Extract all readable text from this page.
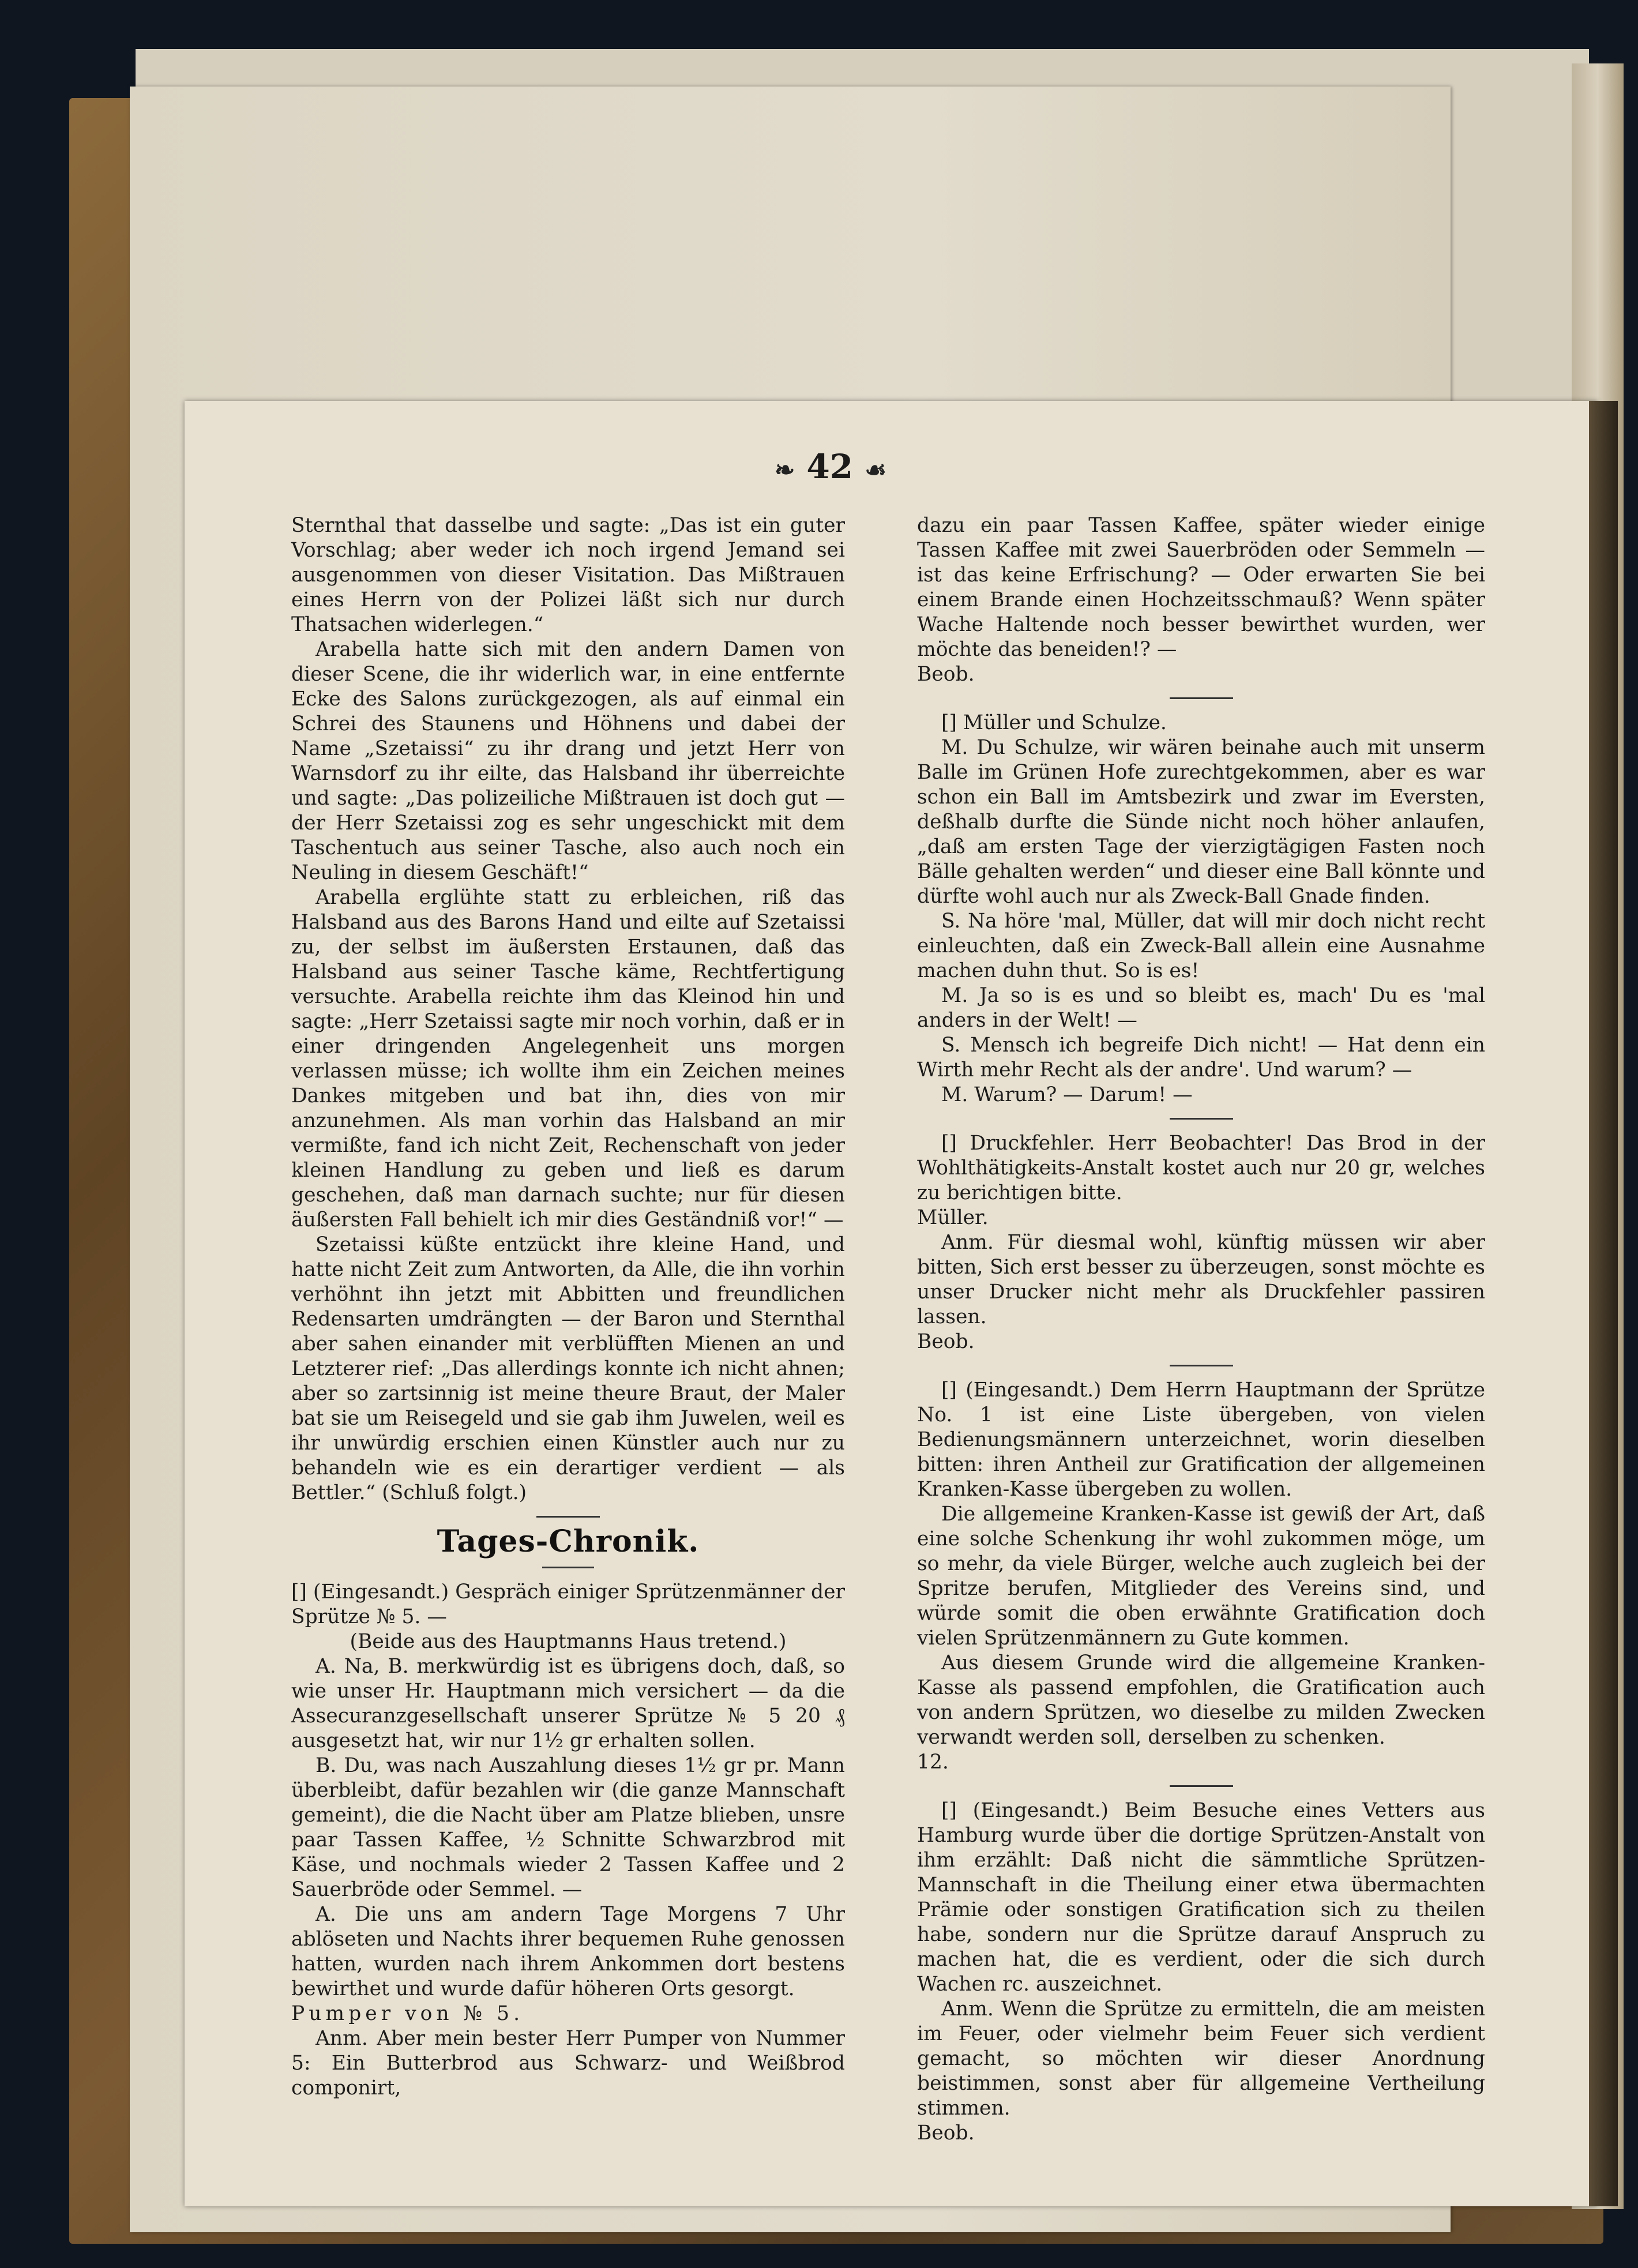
❧ 42 ☙

Sternthal that dasselbe und sagte: „Das ist ein guter Vorschlag; aber weder ich noch irgend Jemand sei ausgenommen von dieser Visitation. Das Mißtrauen eines Herrn von der Polizei läßt sich nur durch Thatsachen widerlegen.“

Arabella hatte sich mit den andern Damen von dieser Scene, die ihr widerlich war, in eine entfernte Ecke des Salons zurückgezogen, als auf einmal ein Schrei des Staunens und Höhnens und dabei der Name „Szetaissi“ zu ihr drang und jetzt Herr von Warnsdorf zu ihr eilte, das Halsband ihr überreichte und sagte: „Das polizeiliche Mißtrauen ist doch gut — der Herr Szetaissi zog es sehr ungeschickt mit dem Taschentuch aus seiner Tasche, also auch noch ein Neuling in diesem Geschäft!“

Arabella erglühte statt zu erbleichen, riß das Halsband aus des Barons Hand und eilte auf Szetaissi zu, der selbst im äußersten Erstaunen, daß das Halsband aus seiner Tasche käme, Rechtfertigung versuchte. Arabella reichte ihm das Kleinod hin und sagte: „Herr Szetaissi sagte mir noch vorhin, daß er in einer dringenden Angelegenheit uns morgen verlassen müsse; ich wollte ihm ein Zeichen meines Dankes mitgeben und bat ihn, dies von mir anzunehmen. Als man vorhin das Halsband an mir vermißte, fand ich nicht Zeit, Rechenschaft von jeder kleinen Handlung zu geben und ließ es darum geschehen, daß man darnach suchte; nur für diesen äußersten Fall behielt ich mir dies Geständniß vor!“ —

Szetaissi küßte entzückt ihre kleine Hand, und hatte nicht Zeit zum Antworten, da Alle, die ihn vorhin verhöhnt ihn jetzt mit Abbitten und freundlichen Redensarten umdrängten — der Baron und Sternthal aber sahen einander mit verblüfften Mienen an und Letzterer rief: „Das allerdings konnte ich nicht ahnen; aber so zartsinnig ist meine theure Braut, der Maler bat sie um Reisegeld und sie gab ihm Juwelen, weil es ihr unwürdig erschien einen Künstler auch nur zu behandeln wie es ein derartiger verdient — als Bettler.“ (Schluß folgt.)

Tages-Chronik.

[] (Eingesandt.) Gespräch einiger Sprützenmänner der Sprütze № 5. —

(Beide aus des Hauptmanns Haus tretend.)

A. Na, B. merkwürdig ist es übrigens doch, daß, so wie unser Hr. Hauptmann mich versichert — da die Assecuranzgesellschaft unserer Sprütze № 5 20 ₰ ausgesetzt hat, wir nur 1½ gr erhalten sollen.

B. Du, was nach Auszahlung dieses 1½ gr pr. Mann überbleibt, dafür bezahlen wir (die ganze Mannschaft gemeint), die die Nacht über am Platze blieben, unsre paar Tassen Kaffee, ½ Schnitte Schwarzbrod mit Käse, und nochmals wieder 2 Tassen Kaffee und 2 Sauerbröde oder Semmel. —

A. Die uns am andern Tage Morgens 7 Uhr ablöseten und Nachts ihrer bequemen Ruhe genossen hatten, wurden nach ihrem Ankommen dort bestens bewirthet und wurde dafür höheren Orts gesorgt.

Pumper von № 5.

Anm. Aber mein bester Herr Pumper von Nummer 5: Ein Butterbrod aus Schwarz- und Weißbrod componirt,

dazu ein paar Tassen Kaffee, später wieder einige Tassen Kaffee mit zwei Sauerbröden oder Semmeln — ist das keine Erfrischung? — Oder erwarten Sie bei einem Brande einen Hochzeitsschmauß? Wenn später Wache Haltende noch besser bewirthet wurden, wer möchte das beneiden!? —

Beob.

[] Müller und Schulze.

M. Du Schulze, wir wären beinahe auch mit unserm Balle im Grünen Hofe zurechtgekommen, aber es war schon ein Ball im Amtsbezirk und zwar im Eversten, deßhalb durfte die Sünde nicht noch höher anlaufen, „daß am ersten Tage der vierzigtägigen Fasten noch Bälle gehalten werden“ und dieser eine Ball könnte und dürfte wohl auch nur als Zweck-Ball Gnade finden.

S. Na höre 'mal, Müller, dat will mir doch nicht recht einleuchten, daß ein Zweck-Ball allein eine Ausnahme machen duhn thut. So is es!

M. Ja so is es und so bleibt es, mach' Du es 'mal anders in der Welt! —

S. Mensch ich begreife Dich nicht! — Hat denn ein Wirth mehr Recht als der andre'. Und warum? —

M. Warum? — Darum! —

[] Druckfehler. Herr Beobachter! Das Brod in der Wohlthätigkeits-Anstalt kostet auch nur 20 gr, welches zu berichtigen bitte.

Müller.

Anm. Für diesmal wohl, künftig müssen wir aber bitten, Sich erst besser zu überzeugen, sonst möchte es unser Drucker nicht mehr als Druckfehler passiren lassen.

Beob.

[] (Eingesandt.) Dem Herrn Hauptmann der Sprütze No. 1 ist eine Liste übergeben, von vielen Bedienungsmännern unterzeichnet, worin dieselben bitten: ihren Antheil zur Gratification der allgemeinen Kranken-Kasse übergeben zu wollen.

Die allgemeine Kranken-Kasse ist gewiß der Art, daß eine solche Schenkung ihr wohl zukommen möge, um so mehr, da viele Bürger, welche auch zugleich bei der Spritze berufen, Mitglieder des Vereins sind, und würde somit die oben erwähnte Gratification doch vielen Sprützenmännern zu Gute kommen.

Aus diesem Grunde wird die allgemeine Kranken-Kasse als passend empfohlen, die Gratification auch von andern Sprützen, wo dieselbe zu milden Zwecken verwandt werden soll, derselben zu schenken.

12.

[] (Eingesandt.) Beim Besuche eines Vetters aus Hamburg wurde über die dortige Sprützen-Anstalt von ihm erzählt: Daß nicht die sämmtliche Sprützen-Mannschaft in die Theilung einer etwa übermachten Prämie oder sonstigen Gratification sich zu theilen habe, sondern nur die Sprütze darauf Anspruch zu machen hat, die es verdient, oder die sich durch Wachen rc. auszeichnet.

Anm. Wenn die Sprütze zu ermitteln, die am meisten im Feuer, oder vielmehr beim Feuer sich verdient gemacht, so möchten wir dieser Anordnung beistimmen, sonst aber für allgemeine Vertheilung stimmen.

Beob.
